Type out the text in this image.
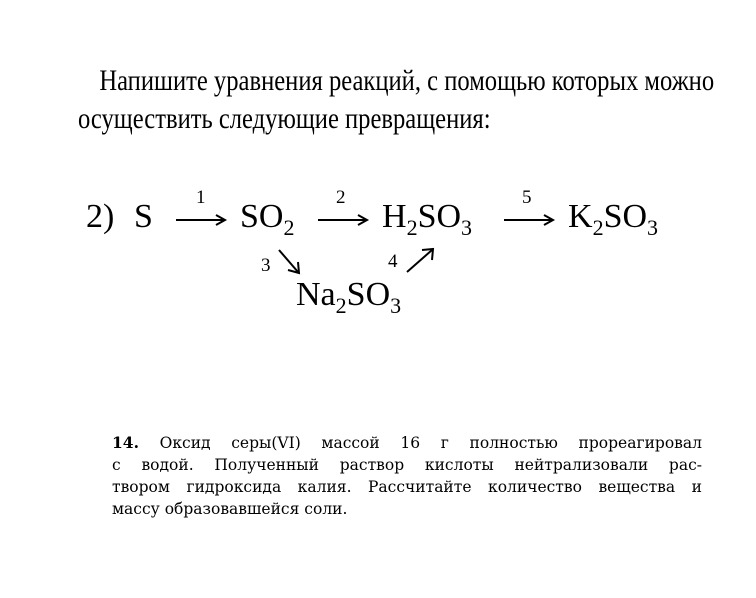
Напишите уравнения реакций, с помощью которых можно
осуществить следующие превращения:
2) S
1	2	5
3	4
$SO_2$	$H_2SO_3$	$K_2SO_3$
$Na_2SO_3$
14. Оксид серы(VI) массой 16 г полностью прореагировал
с водой. Полученный раствор кислоты нейтрализовали рас-
твором гидроксида калия. Рассчитайте количество вещества и
массу образовавшейся соли.
